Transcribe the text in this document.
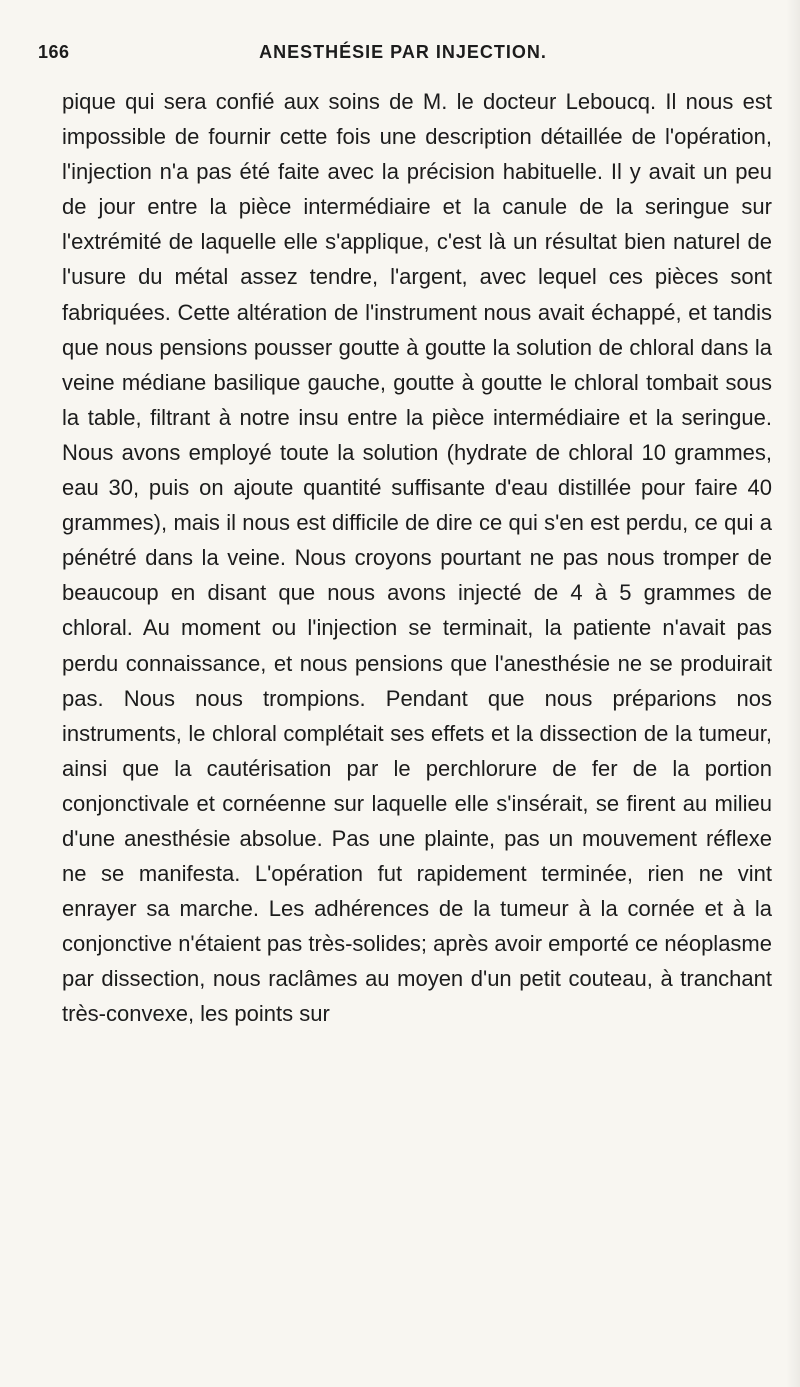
166	ANESTHÉSIE PAR INJECTION.

pique qui sera confié aux soins de M. le docteur Leboucq. Il nous est impossible de fournir cette fois une description détaillée de l'opération, l'injection n'a pas été faite avec la précision habituelle. Il y avait un peu de jour entre la pièce intermédiaire et la canule de la seringue sur l'extrémité de laquelle elle s'applique, c'est là un résultat bien naturel de l'usure du métal assez tendre, l'argent, avec lequel ces pièces sont fabriquées. Cette altération de l'instrument nous avait échappé, et tandis que nous pensions pousser goutte à goutte la solution de chloral dans la veine médiane basilique gauche, goutte à goutte le chloral tombait sous la table, filtrant à notre insu entre la pièce intermédiaire et la seringue. Nous avons employé toute la solution (hydrate de chloral 10 grammes, eau 30, puis on ajoute quantité suffisante d'eau distillée pour faire 40 grammes), mais il nous est difficile de dire ce qui s'en est perdu, ce qui a pénétré dans la veine. Nous croyons pourtant ne pas nous tromper de beaucoup en disant que nous avons injecté de 4 à 5 grammes de chloral. Au moment ou l'injection se terminait, la patiente n'avait pas perdu connaissance, et nous pensions que l'anesthésie ne se produirait pas. Nous nous trompions. Pendant que nous préparions nos instruments, le chloral complétait ses effets et la dissection de la tumeur, ainsi que la cautérisation par le perchlorure de fer de la portion conjonctivale et cornéenne sur laquelle elle s'insérait, se firent au milieu d'une anesthésie absolue. Pas une plainte, pas un mouvement réflexe ne se manifesta. L'opération fut rapidement terminée, rien ne vint enrayer sa marche. Les adhérences de la tumeur à la cornée et à la conjonctive n'étaient pas très-solides; après avoir emporté ce néoplasme par dissection, nous raclâmes au moyen d'un petit couteau, à tranchant très-convexe, les points sur
